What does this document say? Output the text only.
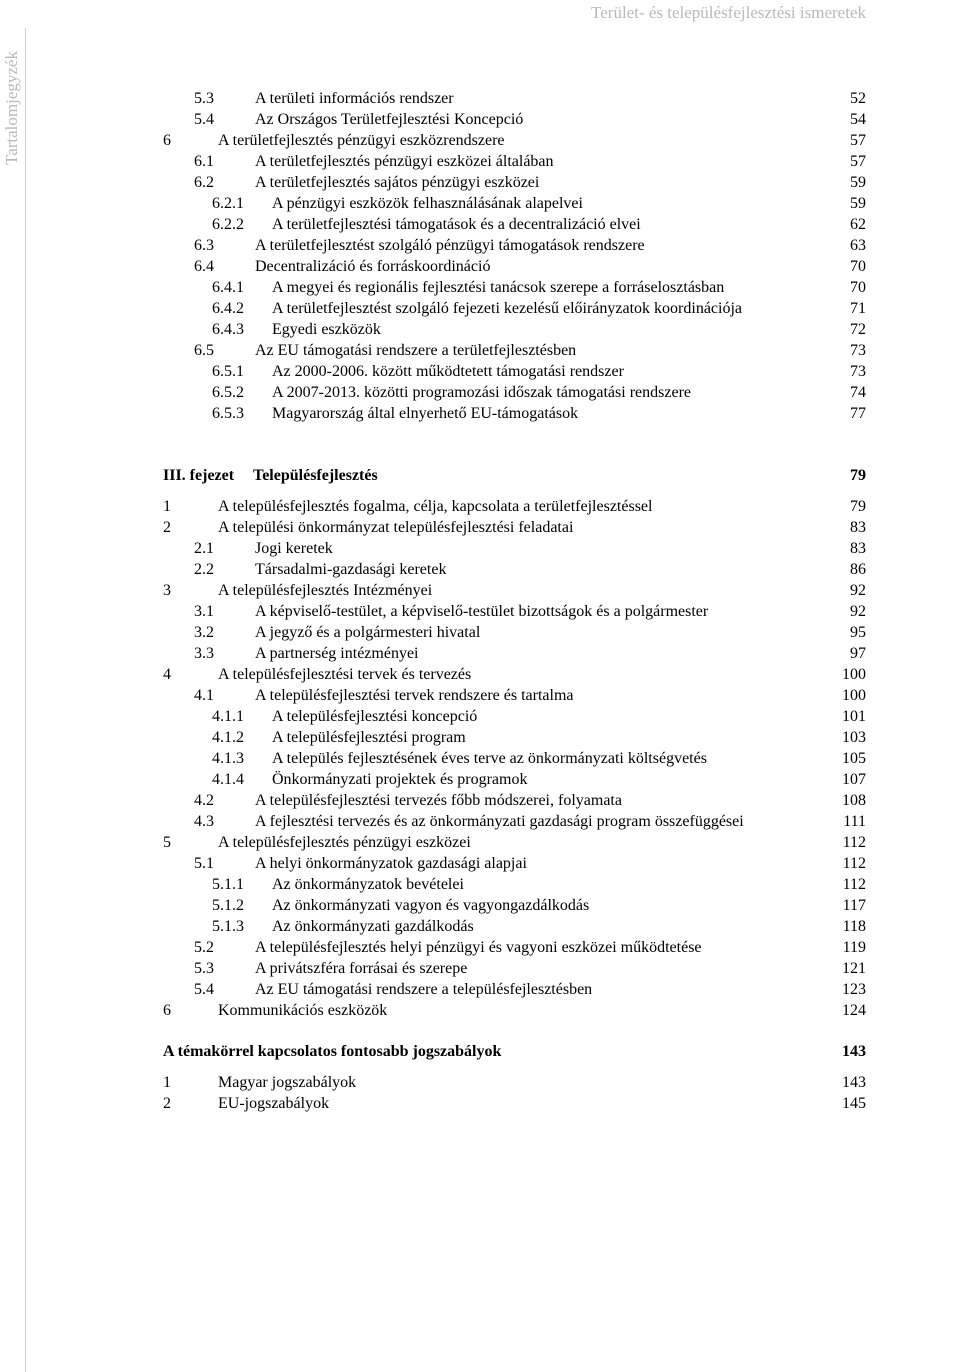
Terület- és településfejlesztési ismeretek
Tartalomjegyzék	5.3	A területi információs rendszer	52
5.4	Az Országos Területfejlesztési Koncepció	54
6	A területfejlesztés pénzügyi eszközrendszere	57
6.1	A területfejlesztés pénzügyi eszközei általában	57
6.2	A területfejlesztés sajátos pénzügyi eszközei	59
6.2.1 A pénzügyi eszközök felhasználásának alapelvei	59
6.2.2 A területfejlesztési támogatások és a decentralizáció elvei	62
6.3	A területfejlesztést szolgáló pénzügyi támogatások rendszere	63
6.4	Decentralizáció és forráskoordináció	70
6.4.1 A megyei és regionális fejlesztési tanácsok szerepe a forráselosztásban	70
6.4.2 A területfejlesztést szolgáló fejezeti kezelésű előirányzatok koordinációja	71
6.4.3 Egyedi eszközök	72
6.5	Az EU támogatási rendszere a területfejlesztésben	73
6.5.1 Az 2000-2006. között működtetett támogatási rendszer	73
6.5.2 A 2007-2013. közötti programozási időszak támogatási rendszere	74
6.5.3 Magyarország által elnyerhető EU-támogatások	77
III. fejezet Településfejlesztés	79
1	A településfejlesztés fogalma, célja, kapcsolata a területfejlesztéssel	79
2	A települési önkormányzat településfejlesztési feladatai	83
2.1	Jogi keretek	83
2.2	Társadalmi-gazdasági keretek	86
3	A településfejlesztés Intézményei	92
3.1	A képviselő-testület, a képviselő-testület bizottságok és a polgármester	92
3.2	A jegyző és a polgármesteri hivatal	95
3.3	A partnerség intézményei	97
4	A településfejlesztési tervek és tervezés	100
4.1	A településfejlesztési tervek rendszere és tartalma	100
4.1.1 A településfejlesztési koncepció	101
4.1.2 A településfejlesztési program	103
4.1.3 A település fejlesztésének éves terve az önkormányzati költségvetés	105
4.1.4 Önkormányzati projektek és programok	107
4.2	A településfejlesztési tervezés főbb módszerei, folyamata	108
4.3	A fejlesztési tervezés és az önkormányzati gazdasági program összefüggései	111
5	A településfejlesztés pénzügyi eszközei	112
5.1	A helyi önkormányzatok gazdasági alapjai	112
5.1.1 Az önkormányzatok bevételei	112
5.1.2 Az önkormányzati vagyon és vagyongazdálkodás	117
5.1.3 Az önkormányzati gazdálkodás	118
5.2	A településfejlesztés helyi pénzügyi és vagyoni eszközei működtetése	119
5.3	A privátszféra forrásai és szerepe	121
5.4	Az EU támogatási rendszere a településfejlesztésben	123
6	Kommunikációs eszközök	124
A témakörrel kapcsolatos fontosabb jogszabályok	143
1	Magyar jogszabályok	143
2	EU-jogszabályok	145
